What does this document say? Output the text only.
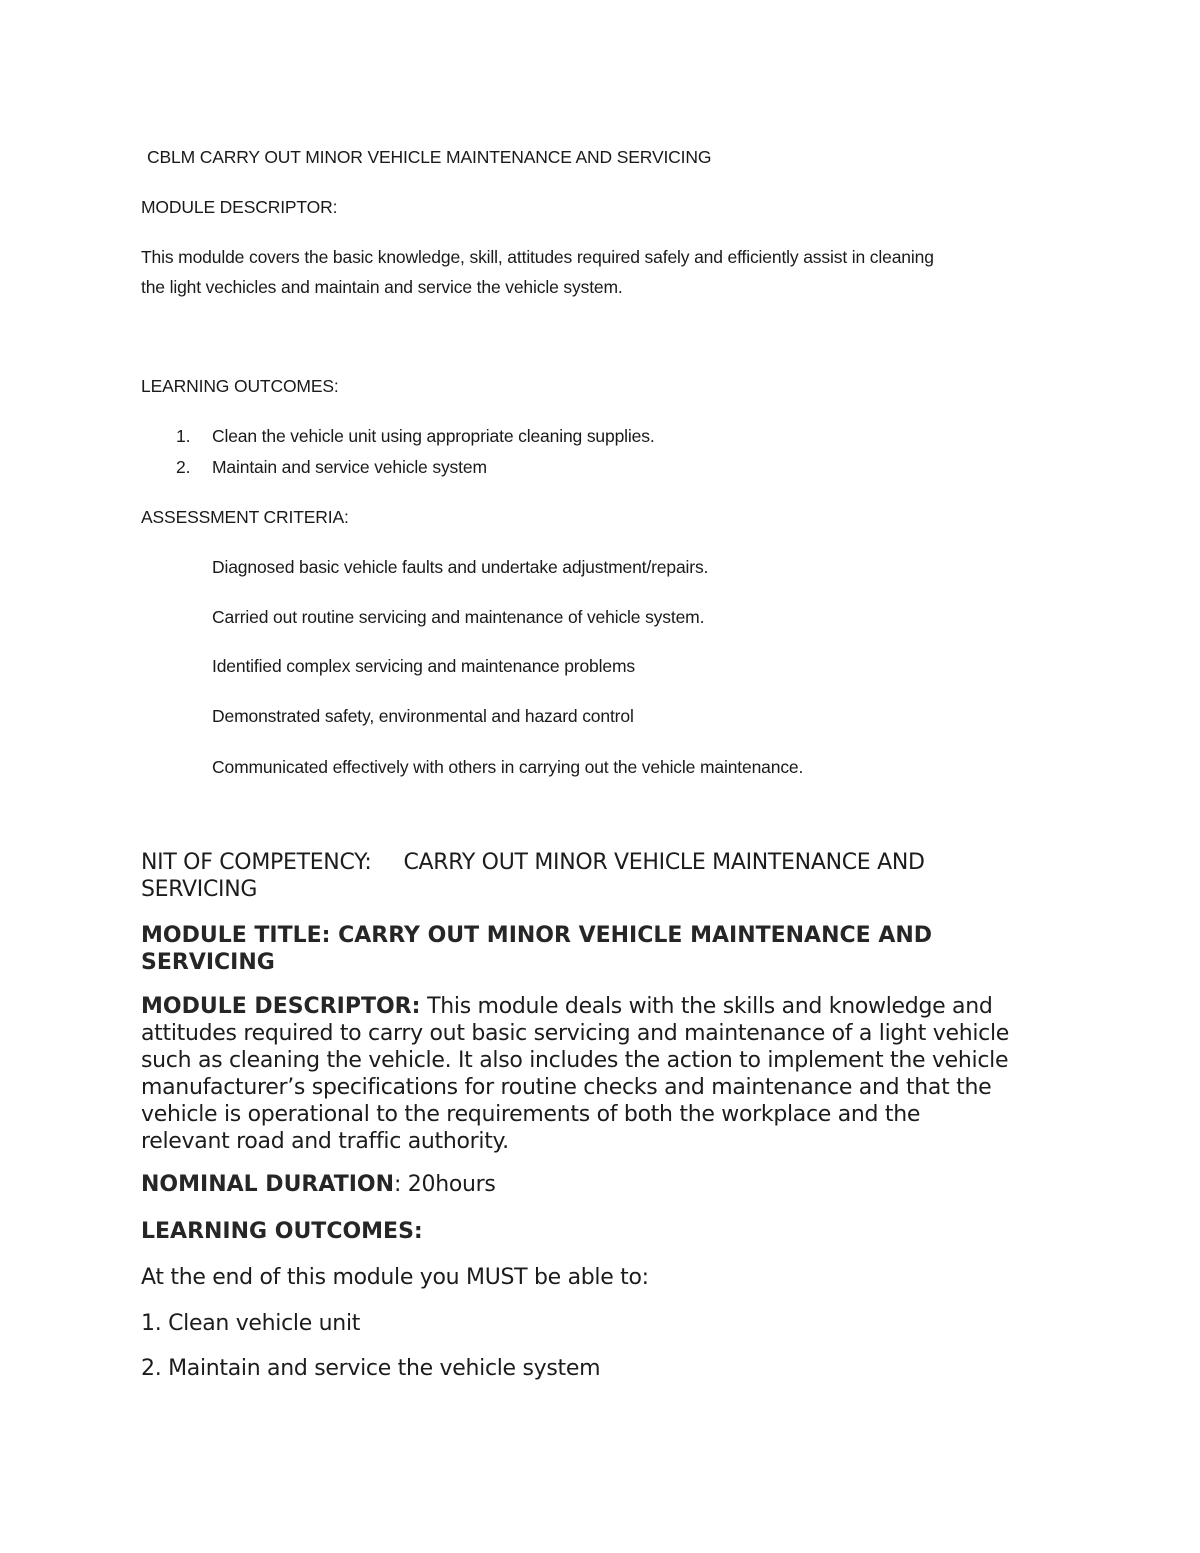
CBLM CARRY OUT MINOR VEHICLE MAINTENANCE AND SERVICING
MODULE DESCRIPTOR:

This modulde covers the basic knowledge, skill, attitudes required safely and efficiently assist in cleaning

the light vechicles and maintain and service the vehicle system.

LEARNING OUTCOMES:
1.	Clean the vehicle unit using appropriate cleaning supplies.
2.	Maintain and service vehicle system
ASSESSMENT CRITERIA:
Diagnosed basic vehicle faults and undertake adjustment/repairs.
Carried out routine servicing and maintenance of vehicle system.
Identified complex servicing and maintenance problems
Demonstrated safety, environmental and hazard control
Communicated effectively with others in carrying out the vehicle maintenance.
NIT OF COMPETENCY: CARRY OUT MINOR VEHICLE MAINTENANCE AND
SERVICING
MODULE TITLE: CARRY OUT MINOR VEHICLE MAINTENANCE AND
SERVICING
MODULE DESCRIPTOR: This module deals with the skills and knowledge and
attitudes required to carry out basic servicing and maintenance of a light vehicle
such as cleaning the vehicle. It also includes the action to implement the vehicle
manufacturer’s specifications for routine checks and maintenance and that the
vehicle is operational to the requirements of both the workplace and the
relevant road and traffic authority.
NOMINAL DURATION: 20hours
LEARNING OUTCOMES:
At the end of this module you MUST be able to:
1. Clean vehicle unit
2. Maintain and service the vehicle system
